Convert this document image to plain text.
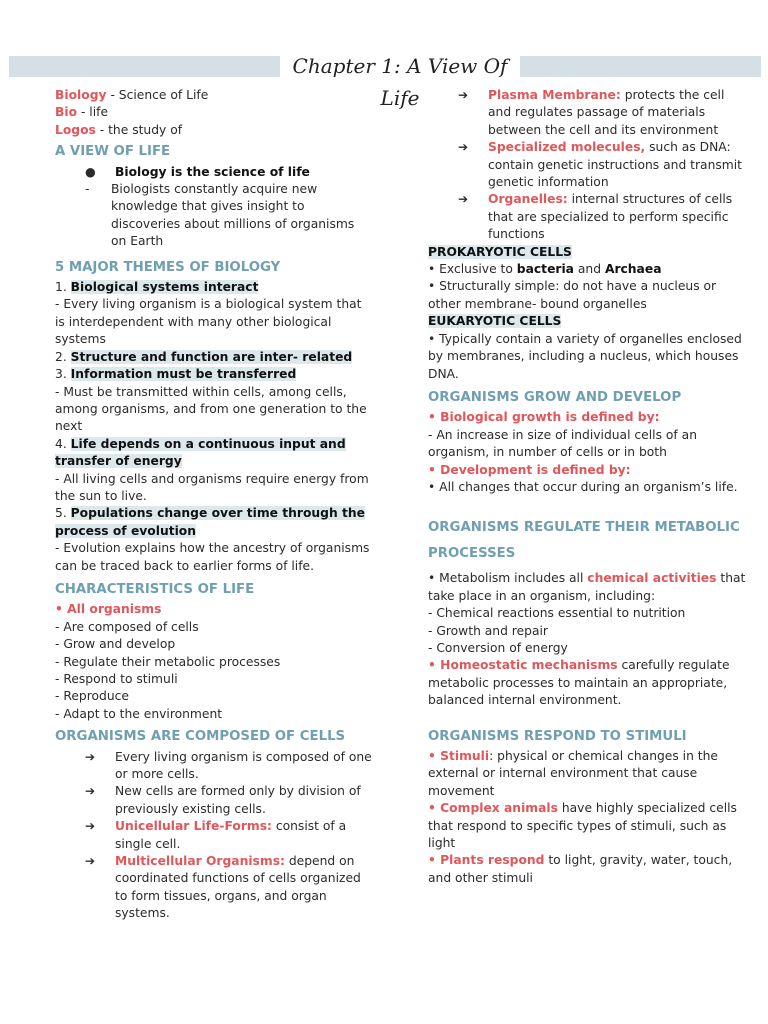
Chapter 1: A View Of Life

Biology - Science of Life

Bio - life

Logos - the study of

A VIEW OF LIFE
●	Biology is the science of life
-	Biologists constantly acquire new knowledge that gives insight to discoveries about millions of organisms on Earth
5 MAJOR THEMES OF BIOLOGY

1. Biological systems interact

- Every living organism is a biological system that is interdependent with many other biological systems

2. Structure and function are inter- related

3. Information must be transferred

- Must be transmitted within cells, among cells, among organisms, and from one generation to the next

4. Life depends on a continuous input and transfer of energy

- All living cells and organisms require energy from the sun to live.

5. Populations change over time through the process of evolution

- Evolution explains how the ancestry of organisms can be traced back to earlier forms of life.

CHARACTERISTICS OF LIFE

• All organisms

- Are composed of cells

- Grow and develop

- Regulate their metabolic processes

- Respond to stimuli

- Reproduce

- Adapt to the environment

ORGANISMS ARE COMPOSED OF CELLS
➔	Every living organism is composed of one or more cells.
➔	New cells are formed only by division of previously existing cells.
➔	Unicellular Life-Forms: consist of a single cell.
➔	Multicellular Organisms: depend on coordinated functions of cells organized to form tissues, organs, and organ systems.
➔	Plasma Membrane: protects the cell and regulates passage of materials between the cell and its environment
➔	Specialized molecules, such as DNA: contain genetic instructions and transmit genetic information
➔	Organelles: internal structures of cells that are specialized to perform specific functions

PROKARYOTIC CELLS

• Exclusive to bacteria and Archaea

• Structurally simple: do not have a nucleus or other membrane- bound organelles

EUKARYOTIC CELLS

• Typically contain a variety of organelles enclosed by membranes, including a nucleus, which houses DNA.

ORGANISMS GROW AND DEVELOP

• Biological growth is defined by:

- An increase in size of individual cells of an organism, in number of cells or in both

• Development is defined by:

• All changes that occur during an organism’s life.

ORGANISMS REGULATE THEIR METABOLIC PROCESSES

• Metabolism includes all chemical activities that take place in an organism, including:

- Chemical reactions essential to nutrition

- Growth and repair

- Conversion of energy

• Homeostatic mechanisms carefully regulate metabolic processes to maintain an appropriate, balanced internal environment.

ORGANISMS RESPOND TO STIMULI

• Stimuli: physical or chemical changes in the external or internal environment that cause movement

• Complex animals have highly specialized cells that respond to specific types of stimuli, such as light

• Plants respond to light, gravity, water, touch, and other stimuli
